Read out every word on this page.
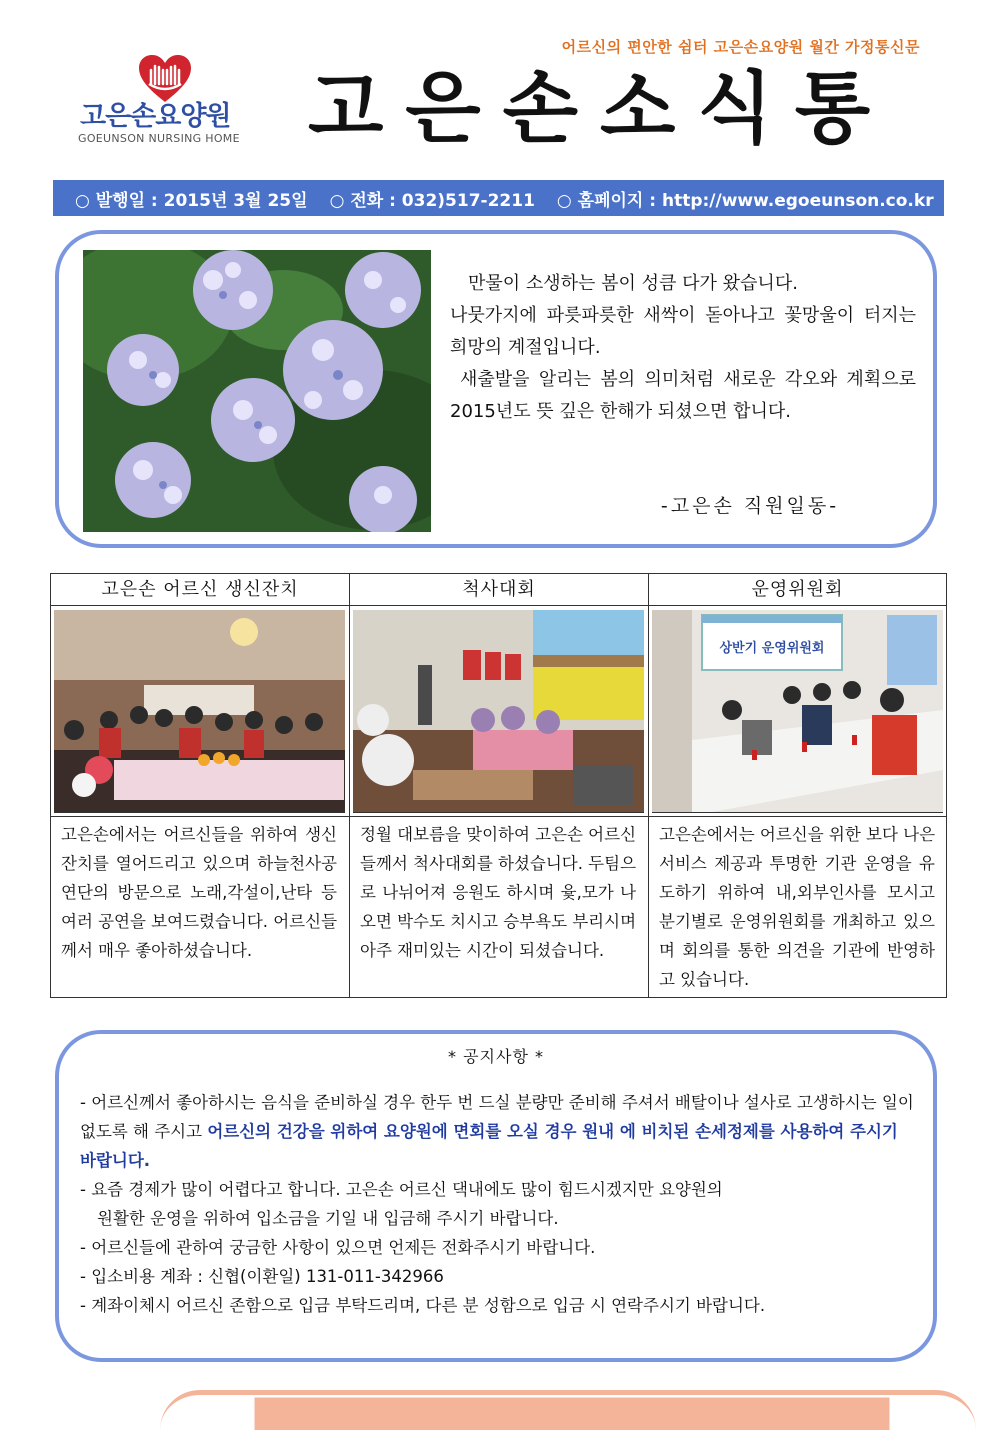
어르신의 편안한 쉼터 고은손요양원 월간 가정통신문
고은손요양원
GOEUNSON NURSING HOME 고은손소식통
○ 발행일 : 2015년 3월 25일 ○ 전화 : 032)517-2211 ○ 홈페이지 : http://www.egoeunson.co.kr

만물이 소생하는 봄이 성큼 다가 왔습니다.

나뭇가지에 파릇파릇한 새싹이 돋아나고 꽃망울이 터지는 희망의 계절입니다.

새출발을 알리는 봄의 의미처럼 새로운 각오와 계획으로 2015년도 뜻 깊은 한해가 되셨으면 합니다.

-고은손 직원일동-
고은손 어르신 생신잔치
고은손에서는 어르신들을 위하여 생신잔치를 열어드리고 있으며 하늘천사공연단의 방문으로 노래,각설이,난타 등 여러 공연을 보여드렸습니다. 어르신들께서 매우 좋아하셨습니다.
척사대회
정월 대보름을 맞이하여 고은손 어르신들께서 척사대회를 하셨습니다. 두팀으로 나뉘어져 응원도 하시며 윷,모가 나오면 박수도 치시고 승부욕도 부리시며 아주 재미있는 시간이 되셨습니다.
운영위원회
상반기 운영위원회
고은손에서는 어르신을 위한 보다 나은 서비스 제공과 투명한 기관 운영을 유도하기 위하여 내,외부인사를 모시고 분기별로 운영위원회를 개최하고 있으며 회의를 통한 의견을 기관에 반영하고 있습니다.
* 공지사항 *

- 어르신께서 좋아하시는 음식을 준비하실 경우 한두 번 드실 분량만 준비해 주셔서 배탈이나 설사로 고생하시는 일이 없도록 해 주시고 어르신의 건강을 위하여 요양원에 면회를 오실 경우 원내 에 비치된 손세정제를 사용하여 주시기 바랍니다.

- 요즘 경제가 많이 어렵다고 합니다. 고은손 어르신 댁내에도 많이 힘드시겠지만 요양원의

원활한 운영을 위하여 입소금을 기일 내 입금해 주시기 바랍니다.

- 어르신들에 관하여 궁금한 사항이 있으면 언제든 전화주시기 바랍니다.

- 입소비용 계좌 : 신협(이환일) 131-011-342966

- 계좌이체시 어르신 존함으로 입금 부탁드리며, 다른 분 성함으로 입금 시 연락주시기 바랍니다.
